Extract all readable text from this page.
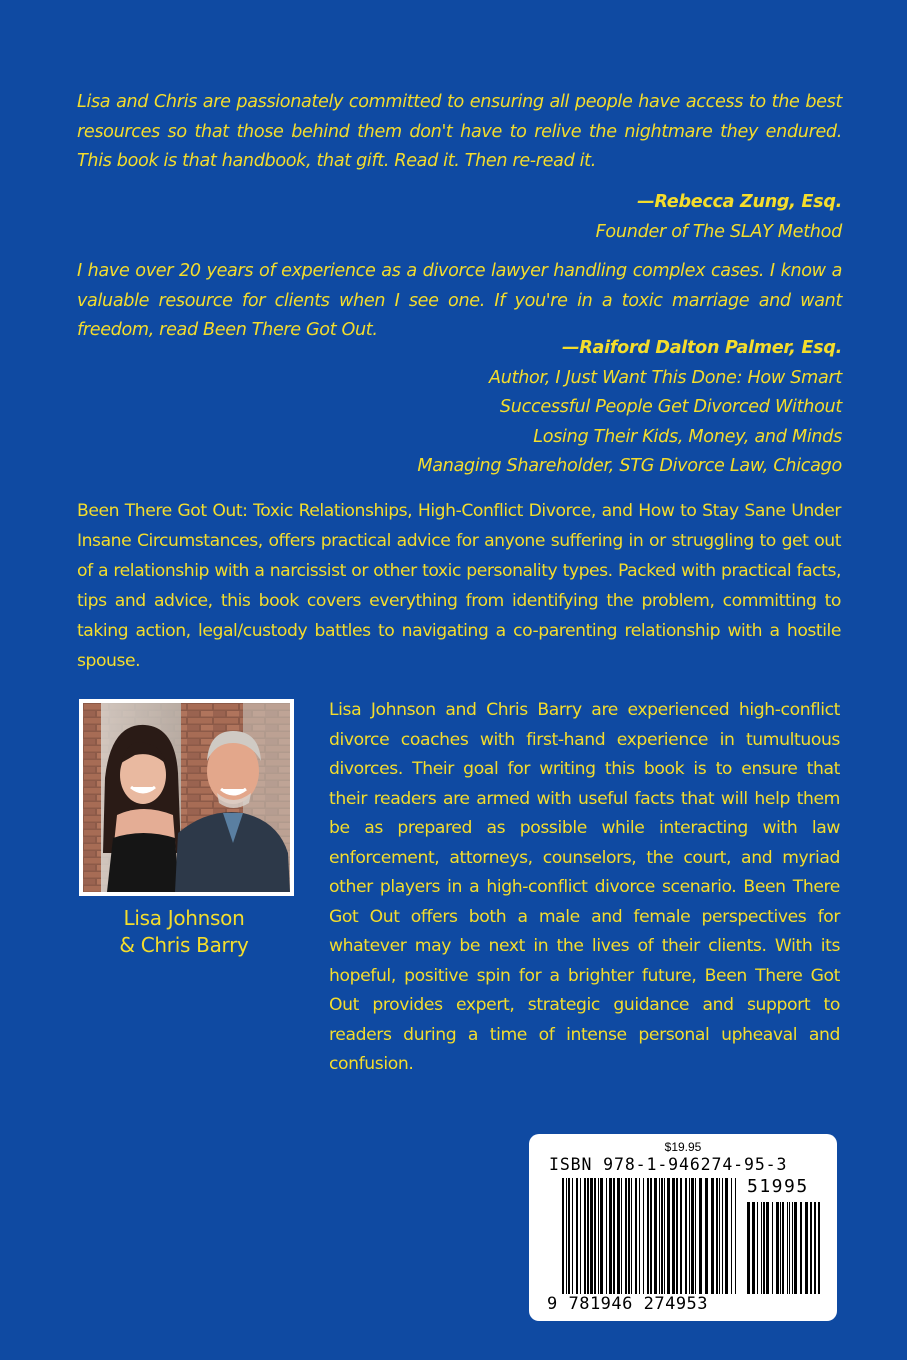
Lisa and Chris are passionately committed to ensuring all people have access to the best resources so that those behind them don't have to relive the nightmare they endured. This book is that handbook, that gift. Read it. Then re-read it.

—Rebecca Zung, Esq.
Founder of The SLAY Method

I have over 20 years of experience as a divorce lawyer handling complex cases. I know a valuable resource for clients when I see one. If you're in a toxic marriage and want freedom, read Been There Got Out.

—Raiford Dalton Palmer, Esq.
Author, I Just Want This Done: How Smart
Successful People Get Divorced Without
Losing Their Kids, Money, and Minds
Managing Shareholder, STG Divorce Law, Chicago

Been There Got Out: Toxic Relationships, High-Conflict Divorce, and How to Stay Sane Under Insane Circumstances, offers practical advice for anyone suffering in or struggling to get out of a relationship with a narcissist or other toxic personality types. Packed with practical facts, tips and advice, this book covers everything from identifying the problem, committing to taking action, legal/custody battles to navigating a co-parenting relationship with a hostile spouse.

Lisa Johnson
& Chris Barry

Lisa Johnson and Chris Barry are experienced high-conflict divorce coaches with first-hand experience in tumultuous divorces. Their goal for writing this book is to ensure that their readers are armed with useful facts that will help them be as prepared as possible while interacting with law enforcement, attorneys, counselors, the court, and myriad other players in a high-conflict divorce scenario. Been There Got Out offers both a male and female perspectives for whatever may be next in the lives of their clients. With its hopeful, positive spin for a brighter future, Been There Got Out provides expert, strategic guidance and support to readers during a time of intense personal upheaval and confusion.

$19.95
ISBN 978-1-946274-95-3
51995
9 781946 274953
